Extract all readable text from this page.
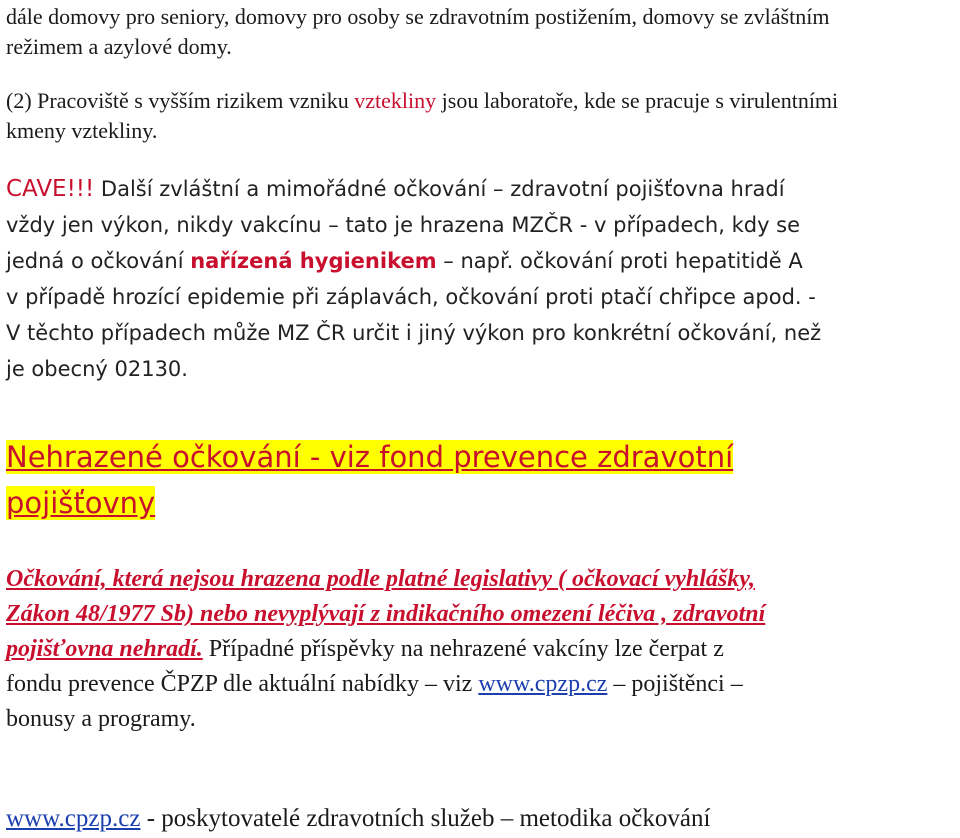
dále domovy pro seniory, domovy pro osoby se zdravotním postižením, domovy se zvláštním
režimem a azylové domy.
(2) Pracoviště s vyšším rizikem vzniku vztekliny jsou laboratoře, kde se pracuje s virulentními
kmeny vztekliny.
CAVE!!! Další zvláštní a mimořádné očkování – zdravotní pojišťovna hradí
vždy jen výkon, nikdy vakcínu – tato je hrazena MZČR - v případech, kdy se
jedná o očkování nařízená hygienikem – např. očkování proti hepatitidě A
v případě hrozící epidemie při záplavách, očkování proti ptačí chřipce apod. -
V těchto případech může MZ ČR určit i jiný výkon pro konkrétní očkování, než
je obecný 02130.
Nehrazené očkování - viz fond prevence zdravotní
pojišťovny
Očkování, která nejsou hrazena podle platné legislativy ( očkovací vyhlášky,
Zákon 48/1977 Sb) nebo nevyplývají z indikačního omezení léčiva , zdravotní
pojišťovna nehradí. Případné příspěvky na nehrazené vakcíny lze čerpat z
fondu prevence ČPZP dle aktuální nabídky – viz www.cpzp.cz – pojištěnci –
bonusy a programy.
www.cpzp.cz - poskytovatelé zdravotních služeb – metodika očkování
